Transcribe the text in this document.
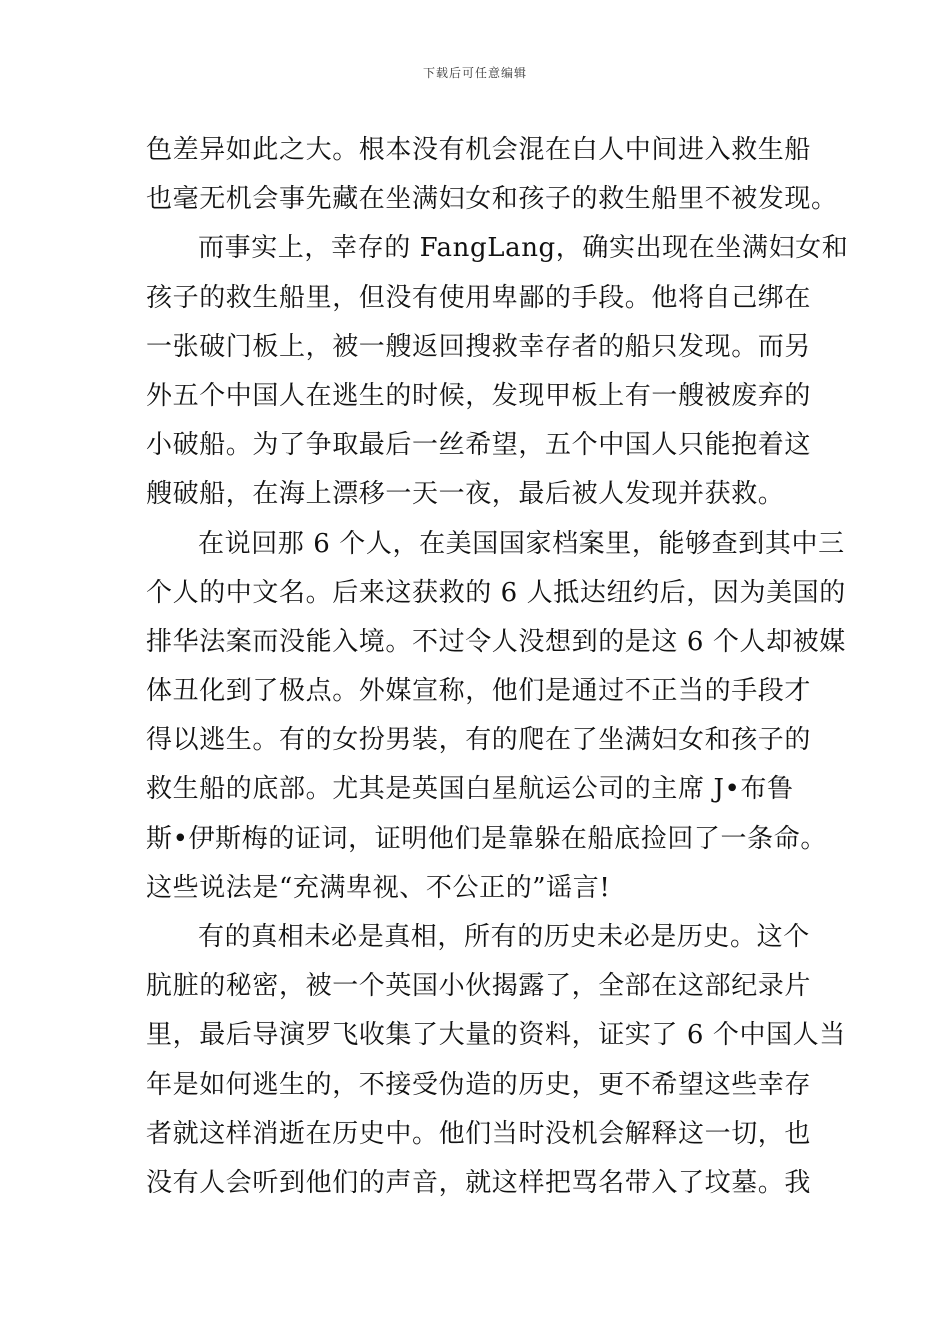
下载后可任意编辑
色差异如此之大。根本没有机会混在白人中间进入救生船
也毫无机会事先藏在坐满妇女和孩子的救生船里不被发现。
而事实上，幸存的 FangLang，确实出现在坐满妇女和
孩子的救生船里，但没有使用卑鄙的手段。他将自己绑在
一张破门板上，被一艘返回搜救幸存者的船只发现。而另
外五个中国人在逃生的时候，发现甲板上有一艘被废弃的
小破船。为了争取最后一丝希望，五个中国人只能抱着这
艘破船，在海上漂移一天一夜，最后被人发现并获救。
在说回那 6 个人，在美国国家档案里，能够查到其中三
个人的中文名。后来这获救的 6 人抵达纽约后，因为美国的
排华法案而没能入境。不过令人没想到的是这 6 个人却被媒
体丑化到了极点。外媒宣称，他们是通过不正当的手段才
得以逃生。有的女扮男装，有的爬在了坐满妇女和孩子的
救生船的底部。尤其是英国白星航运公司的主席 J•布鲁
斯•伊斯梅的证词，证明他们是靠躲在船底捡回了一条命。
这些说法是“充满卑视、不公正的”谣言!
有的真相未必是真相，所有的历史未必是历史。这个
肮脏的秘密，被一个英国小伙揭露了，全部在这部纪录片
里，最后导演罗飞收集了大量的资料，证实了 6 个中国人当
年是如何逃生的，不接受伪造的历史，更不希望这些幸存
者就这样消逝在历史中。他们当时没机会解释这一切，也
没有人会听到他们的声音，就这样把骂名带入了坟墓。我
